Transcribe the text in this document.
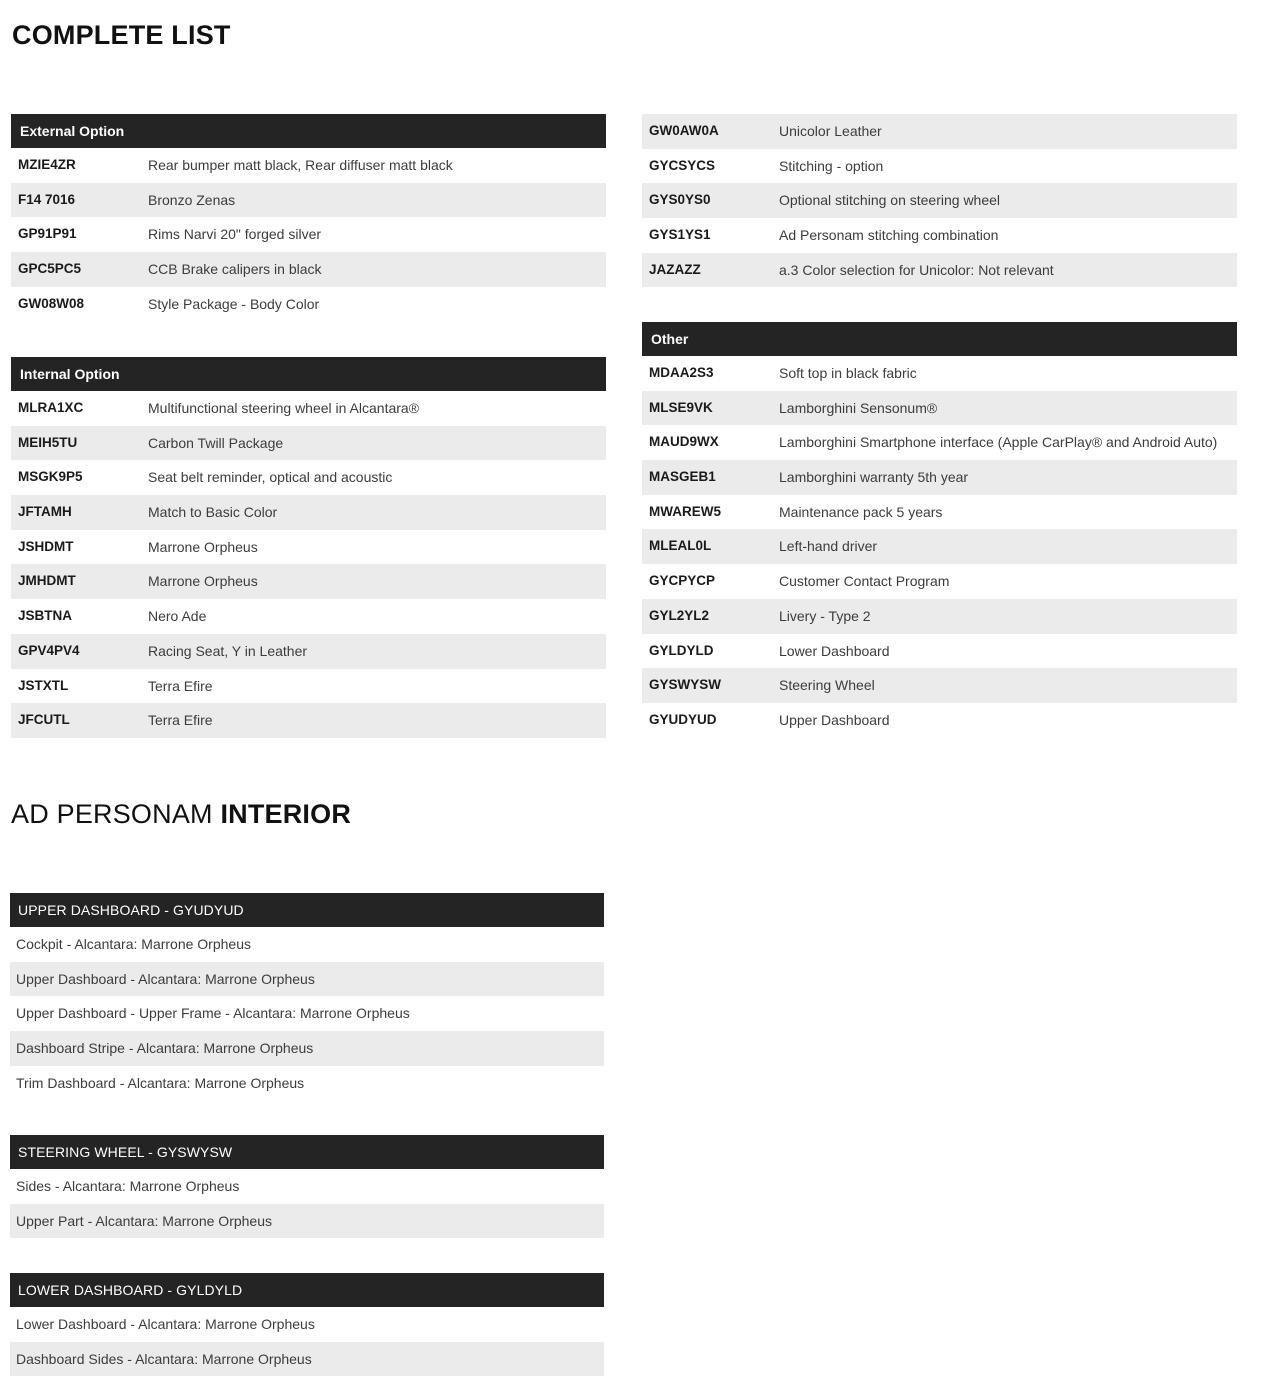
COMPLETE LIST
External Option
MZIE4ZR	Rear bumper matt black, Rear diffuser matt black
F14 7016	Bronzo Zenas
GP91P91	Rims Narvi 20" forged silver
GPC5PC5	CCB Brake calipers in black
GW08W08	Style Package - Body Color
Internal Option
MLRA1XC	Multifunctional steering wheel in Alcantara®
MEIH5TU	Carbon Twill Package
MSGK9P5	Seat belt reminder, optical and acoustic
JFTAMH	Match to Basic Color
JSHDMT	Marrone Orpheus
JMHDMT	Marrone Orpheus
JSBTNA	Nero Ade
GPV4PV4	Racing Seat, Y in Leather
JSTXTL	Terra Efire
JFCUTL	Terra Efire
GW0AW0A	Unicolor Leather
GYCSYCS	Stitching - option
GYS0YS0	Optional stitching on steering wheel
GYS1YS1	Ad Personam stitching combination
JAZAZZ	a.3 Color selection for Unicolor: Not relevant
Other
MDAA2S3	Soft top in black fabric
MLSE9VK	Lamborghini Sensonum®
MAUD9WX	Lamborghini Smartphone interface (Apple CarPlay® and Android Auto)
MASGEB1	Lamborghini warranty 5th year
MWAREW5	Maintenance pack 5 years
MLEAL0L	Left-hand driver
GYCPYCP	Customer Contact Program
GYL2YL2	Livery - Type 2
GYLDYLD	Lower Dashboard
GYSWYSW	Steering Wheel
GYUDYUD	Upper Dashboard
AD PERSONAM INTERIOR
UPPER DASHBOARD - GYUDYUD
Cockpit - Alcantara: Marrone Orpheus
Upper Dashboard - Alcantara: Marrone Orpheus
Upper Dashboard - Upper Frame - Alcantara: Marrone Orpheus
Dashboard Stripe - Alcantara: Marrone Orpheus
Trim Dashboard - Alcantara: Marrone Orpheus
STEERING WHEEL - GYSWYSW
Sides - Alcantara: Marrone Orpheus
Upper Part - Alcantara: Marrone Orpheus
LOWER DASHBOARD - GYLDYLD
Lower Dashboard - Alcantara: Marrone Orpheus
Dashboard Sides - Alcantara: Marrone Orpheus
